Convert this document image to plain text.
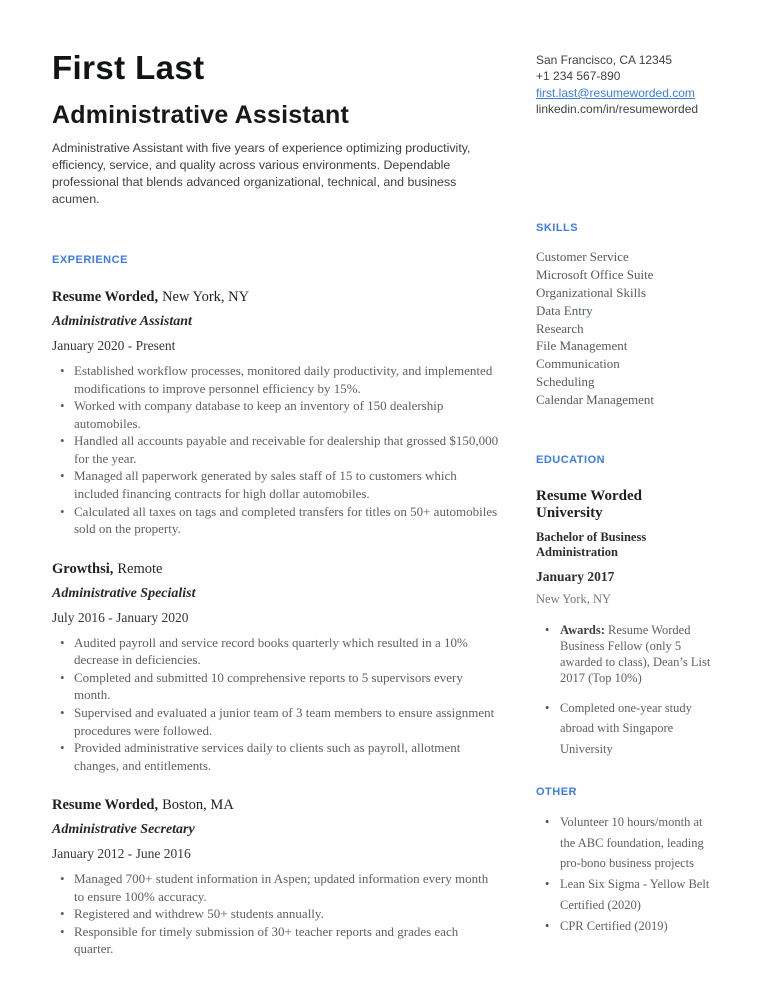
First Last
Administrative Assistant
Administrative Assistant with five years of experience optimizing productivity, efficiency, service, and quality across various environments. Dependable professional that blends advanced organizational, technical, and business acumen.
EXPERIENCE
Resume Worded, New York, NY
Administrative Assistant
January 2020 - Present
• Established workflow processes, monitored daily productivity, and implemented modifications to improve personnel efficiency by 15%.
• Worked with company database to keep an inventory of 150 dealership automobiles.
• Handled all accounts payable and receivable for dealership that grossed $150,000 for the year.
• Managed all paperwork generated by sales staff of 15 to customers which included financing contracts for high dollar automobiles.
• Calculated all taxes on tags and completed transfers for titles on 50+ automobiles sold on the property.
Growthsi, Remote
Administrative Specialist
July 2016 - January 2020
• Audited payroll and service record books quarterly which resulted in a 10% decrease in deficiencies.
• Completed and submitted 10 comprehensive reports to 5 supervisors every month.
• Supervised and evaluated a junior team of 3 team members to ensure assignment procedures were followed.
• Provided administrative services daily to clients such as payroll, allotment changes, and entitlements.
Resume Worded, Boston, MA
Administrative Secretary
January 2012 - June 2016
• Managed 700+ student information in Aspen; updated information every month to ensure 100% accuracy.
• Registered and withdrew 50+ students annually.
• Responsible for timely submission of 30+ teacher reports and grades each quarter.
San Francisco, CA 12345
+1 234 567-890
first.last@resumeworded.com
linkedin.com/in/resumeworded
SKILLS
Customer Service
Microsoft Office Suite
Organizational Skills
Data Entry
Research
File Management
Communication
Scheduling
Calendar Management
EDUCATION
Resume Worded University
Bachelor of Business Administration
January 2017
New York, NY
• Awards: Resume Worded Business Fellow (only 5 awarded to class), Dean’s List 2017 (Top 10%)
• Completed one-year study abroad with Singapore University
OTHER
• Volunteer 10 hours/month at the ABC foundation, leading pro-bono business projects
• Lean Six Sigma - Yellow Belt Certified (2020)
• CPR Certified (2019)
